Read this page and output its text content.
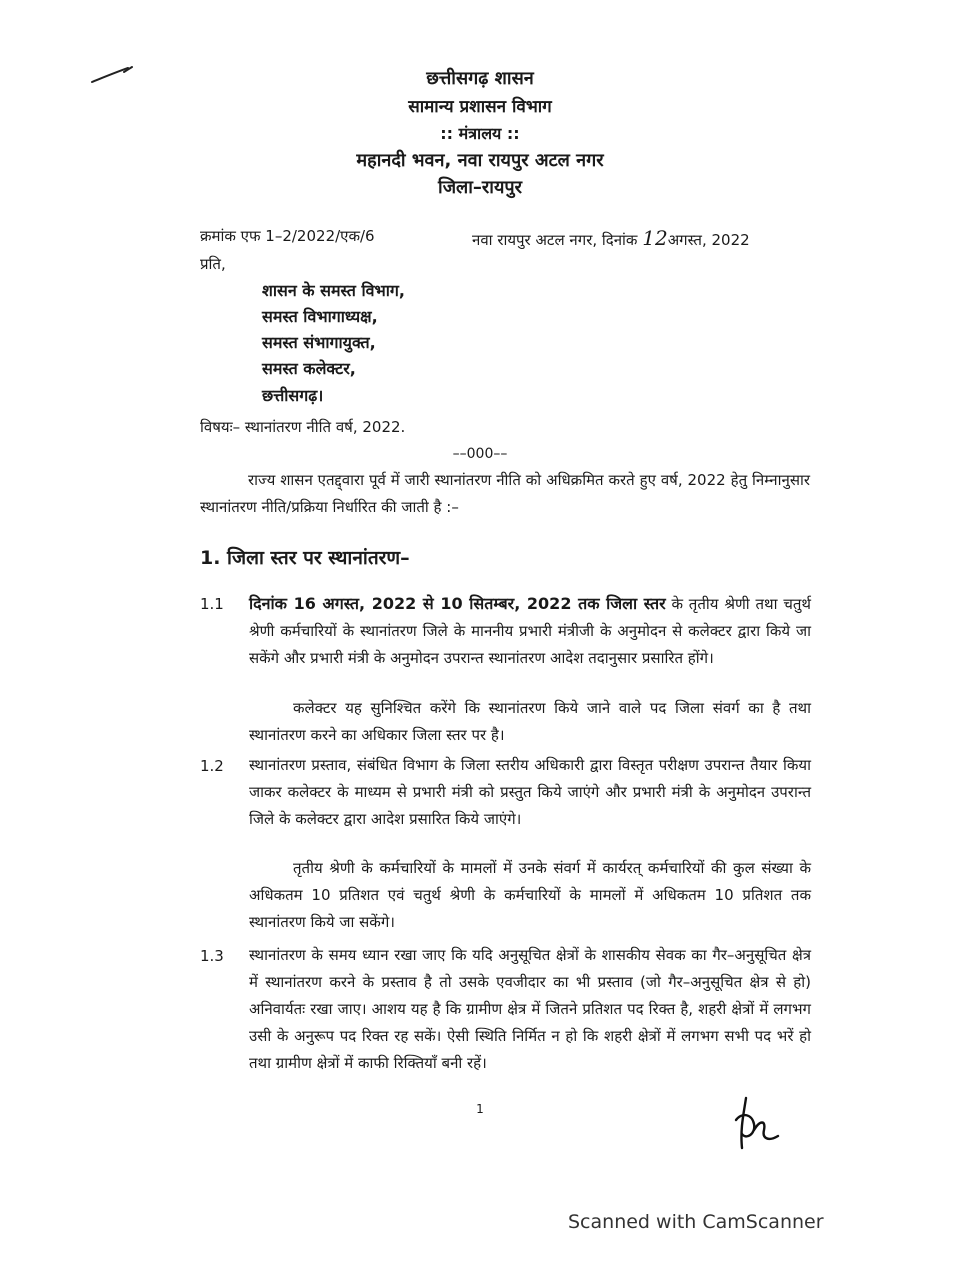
छत्तीसगढ़ शासन
सामान्य प्रशासन विभाग
:: मंत्रालय ::
महानदी भवन, नवा रायपुर अटल नगर
जिला–रायपुर
क्रमांक एफ 1–2/2022/एक/6	नवा रायपुर अटल नगर, दिनांक 12अगस्त, 2022
प्रति,
शासन के समस्त विभाग,
समस्त विभागाध्यक्ष,
समस्त संभागायुक्त,
समस्त कलेक्टर,
छत्तीसगढ़।
विषयः– स्थानांतरण नीति वर्ष, 2022.
––000––
राज्य शासन एतद्द्वारा पूर्व में जारी स्थानांतरण नीति को अधिक्रमित करते हुए वर्ष, 2022 हेतु निम्नानुसार स्थानांतरण नीति/प्रक्रिया निर्धारित की जाती है :–
1. जिला स्तर पर स्थानांतरण–
1.1 दिनांक 16 अगस्त, 2022 से 10 सितम्बर, 2022 तक जिला स्तर के तृतीय श्रेणी तथा चतुर्थ श्रेणी कर्मचारियों के स्थानांतरण जिले के माननीय प्रभारी मंत्रीजी के अनुमोदन से कलेक्टर द्वारा किये जा सकेंगे और प्रभारी मंत्री के अनुमोदन उपरान्त स्थानांतरण आदेश तदानुसार प्रसारित होंगे।
कलेक्टर यह सुनिश्चित करेंगे कि स्थानांतरण किये जाने वाले पद जिला संवर्ग का है तथा स्थानांतरण करने का अधिकार जिला स्तर पर है।
1.2 स्थानांतरण प्रस्ताव, संबंधित विभाग के जिला स्तरीय अधिकारी द्वारा विस्तृत परीक्षण उपरान्त तैयार किया जाकर कलेक्टर के माध्यम से प्रभारी मंत्री को प्रस्तुत किये जाएंगे और प्रभारी मंत्री के अनुमोदन उपरान्त जिले के कलेक्टर द्वारा आदेश प्रसारित किये जाएंगे।
तृतीय श्रेणी के कर्मचारियों के मामलों में उनके संवर्ग में कार्यरत् कर्मचारियों की कुल संख्या के अधिकतम 10 प्रतिशत एवं चतुर्थ श्रेणी के कर्मचारियों के मामलों में अधिकतम 10 प्रतिशत तक स्थानांतरण किये जा सकेंगे।
1.3 स्थानांतरण के समय ध्यान रखा जाए कि यदि अनुसूचित क्षेत्रों के शासकीय सेवक का गैर–अनुसूचित क्षेत्र में स्थानांतरण करने के प्रस्ताव है तो उसके एवजीदार का भी प्रस्ताव (जो गैर–अनुसूचित क्षेत्र से हो) अनिवार्यतः रखा जाए। आशय यह है कि ग्रामीण क्षेत्र में जितने प्रतिशत पद रिक्त है, शहरी क्षेत्रों में लगभग उसी के अनुरूप पद रिक्त रह सकें। ऐसी स्थिति निर्मित न हो कि शहरी क्षेत्रों में लगभग सभी पद भरें हो तथा ग्रामीण क्षेत्रों में काफी रिक्तियाँ बनी रहें।
1
Scanned with CamScanner
